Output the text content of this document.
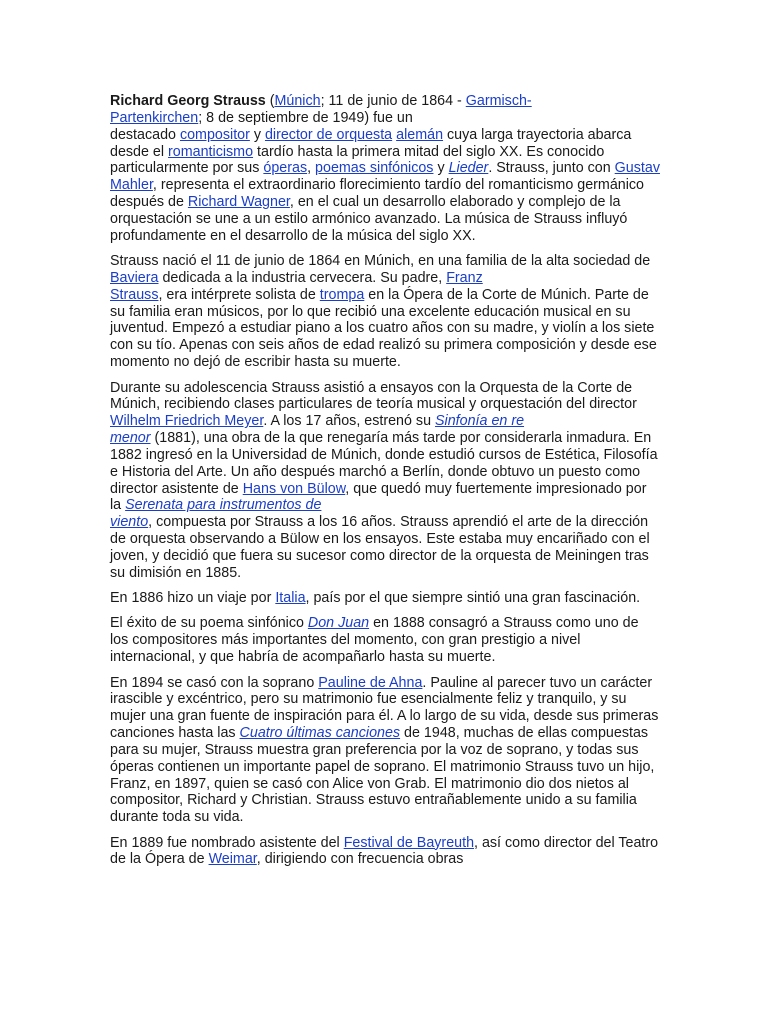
Richard Georg Strauss (Múnich; 11 de junio de 1864 - Garmisch-
Partenkirchen; 8 de septiembre de 1949) fue un
destacado compositor y director de orquesta alemán cuya larga trayectoria abarca desde el romanticismo tardío hasta la primera mitad del siglo XX. Es conocido particularmente por sus óperas, poemas sinfónicos y Lieder. Strauss, junto con Gustav Mahler, representa el extraordinario florecimiento tardío del romanticismo germánico después de Richard Wagner, en el cual un desarrollo elaborado y complejo de la orquestación se une a un estilo armónico avanzado. La música de Strauss influyó profundamente en el desarrollo de la música del siglo XX.

Strauss nació el 11 de junio de 1864 en Múnich, en una familia de la alta sociedad de Baviera dedicada a la industria cervecera. Su padre, Franz
Strauss, era intérprete solista de trompa en la Ópera de la Corte de Múnich. Parte de su familia eran músicos, por lo que recibió una excelente educación musical en su juventud. Empezó a estudiar piano a los cuatro años con su madre, y violín a los siete con su tío. Apenas con seis años de edad realizó su primera composición y desde ese momento no dejó de escribir hasta su muerte.

Durante su adolescencia Strauss asistió a ensayos con la Orquesta de la Corte de Múnich, recibiendo clases particulares de teoría musical y orquestación del director Wilhelm Friedrich Meyer. A los 17 años, estrenó su Sinfonía en re
menor (1881), una obra de la que renegaría más tarde por considerarla inmadura. En 1882 ingresó en la Universidad de Múnich, donde estudió cursos de Estética, Filosofía e Historia del Arte. Un año después marchó a Berlín, donde obtuvo un puesto como director asistente de Hans von Bülow, que quedó muy fuertemente impresionado por la Serenata para instrumentos de
viento, compuesta por Strauss a los 16 años. Strauss aprendió el arte de la dirección de orquesta observando a Bülow en los ensayos. Este estaba muy encariñado con el joven, y decidió que fuera su sucesor como director de la orquesta de Meiningen tras su dimisión en 1885.

En 1886 hizo un viaje por Italia, país por el que siempre sintió una gran fascinación.

El éxito de su poema sinfónico Don Juan en 1888 consagró a Strauss como uno de los compositores más importantes del momento, con gran prestigio a nivel internacional, y que habría de acompañarlo hasta su muerte.

En 1894 se casó con la soprano Pauline de Ahna. Pauline al parecer tuvo un carácter irascible y excéntrico, pero su matrimonio fue esencialmente feliz y tranquilo, y su mujer una gran fuente de inspiración para él. A lo largo de su vida, desde sus primeras canciones hasta las Cuatro últimas canciones de 1948, muchas de ellas compuestas para su mujer, Strauss muestra gran preferencia por la voz de soprano, y todas sus óperas contienen un importante papel de soprano. El matrimonio Strauss tuvo un hijo, Franz, en 1897, quien se casó con Alice von Grab. El matrimonio dio dos nietos al compositor, Richard y Christian. Strauss estuvo entrañablemente unido a su familia durante toda su vida.

En 1889 fue nombrado asistente del Festival de Bayreuth, así como director del Teatro de la Ópera de Weimar, dirigiendo con frecuencia obras
